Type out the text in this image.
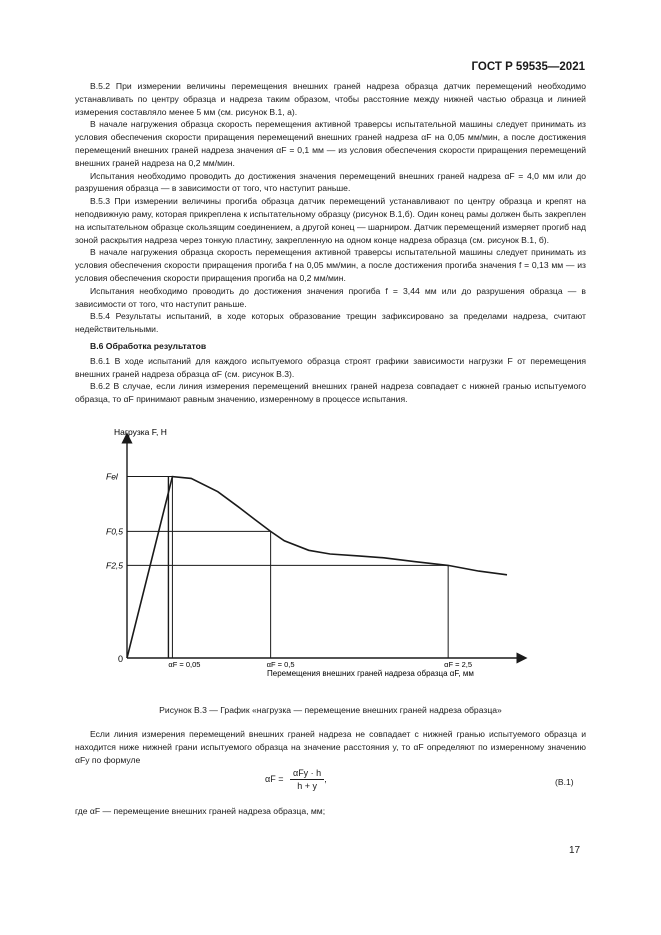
ГОСТ Р 59535—2021

В.5.2 При измерении величины перемещения внешних граней надреза образца датчик перемещений необходимо устанавливать по центру образца и надреза таким образом, чтобы расстояние между нижней частью образца и линией измерения составляло менее 5 мм (см. рисунок В.1, а).

В начале нагружения образца скорость перемещения активной траверсы испытательной машины следует принимать из условия обеспечения скорости приращения перемещений внешних граней надреза αF на 0,05 мм/мин, а после достижения перемещений внешних граней надреза значения αF = 0,1 мм — из условия обеспечения скорости приращения перемещений внешних граней надреза на 0,2 мм/мин.

Испытания необходимо проводить до достижения значения перемещений внешних граней надреза αF = 4,0 мм или до разрушения образца — в зависимости от того, что наступит раньше.

В.5.3 При измерении величины прогиба образца датчик перемещений устанавливают по центру образца и крепят на неподвижную раму, которая прикреплена к испытательному образцу (рисунок В.1,б). Один конец рамы должен быть закреплен на испытательном образце скользящим соединением, а другой конец — шарниром. Датчик перемещений измеряет прогиб над зоной раскрытия надреза через тонкую пластину, закрепленную на одном конце надреза образца (см. рисунок В.1, б).

В начале нагружения образца скорость перемещения активной траверсы испытательной машины следует принимать из условия обеспечения скорости приращения прогиба f на 0,05 мм/мин, а после достижения прогиба значения f = 0,13 мм — из условия обеспечения скорости приращения прогиба на 0,2 мм/мин.

Испытания необходимо проводить до достижения значения прогиба f = 3,44 мм или до разрушения образца — в зависимости от того, что наступит раньше.

В.5.4 Результаты испытаний, в ходе которых образование трещин зафиксировано за пределами надреза, считают недействительными.

В.6 Обработка результатов

В.6.1 В ходе испытаний для каждого испытуемого образца строят графики зависимости нагрузки F от перемещения внешних граней надреза образца αF (см. рисунок В.3).

В.6.2 В случае, если линия измерения перемещений внешних граней надреза совпадает с нижней гранью испытуемого образца, то αF принимают равным значению, измеренному в процессе испытания.

Нагрузка F, Н
Перемещения внешних граней надреза образца αF, мм
0
Fel
αF = 0,05
F0,5
αF = 0,5
F2,5
αF = 2,5
Рисунок В.3 — График «нагрузка — перемещение внешних граней надреза образца»

Если линия измерения перемещений внешних граней надреза не совпадает с нижней гранью испытуемого образца и находится ниже нижней грани испытуемого образца на значение расстояния y, то αF определяют по измеренному значению αFy по формуле

$\alpha F = \frac{\text{αFy · h}}{h + y}$ ,	(В.1)
где αF — перемещение внешних граней надреза образца, мм;
17
